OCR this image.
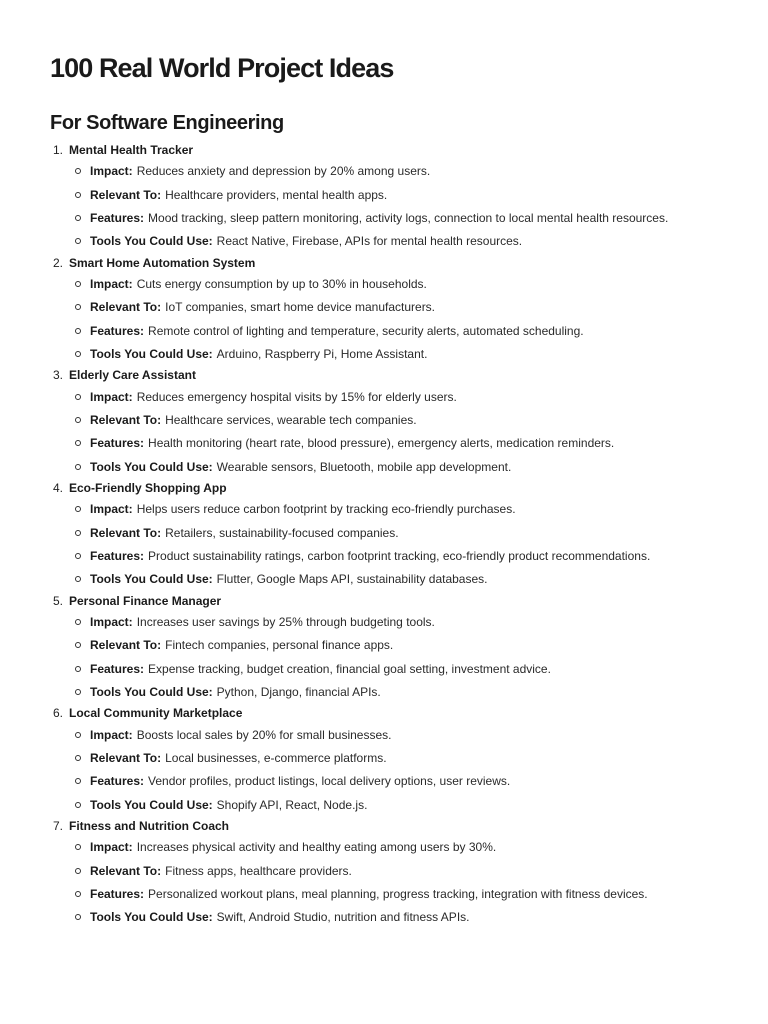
100 Real World Project Ideas
For Software Engineering
1. Mental Health Tracker
Impact: Reduces anxiety and depression by 20% among users.
Relevant To: Healthcare providers, mental health apps.
Features: Mood tracking, sleep pattern monitoring, activity logs, connection to local mental health resources.
Tools You Could Use: React Native, Firebase, APIs for mental health resources.
2. Smart Home Automation System
Impact: Cuts energy consumption by up to 30% in households.
Relevant To: IoT companies, smart home device manufacturers.
Features: Remote control of lighting and temperature, security alerts, automated scheduling.
Tools You Could Use: Arduino, Raspberry Pi, Home Assistant.
3. Elderly Care Assistant
Impact: Reduces emergency hospital visits by 15% for elderly users.
Relevant To: Healthcare services, wearable tech companies.
Features: Health monitoring (heart rate, blood pressure), emergency alerts, medication reminders.
Tools You Could Use: Wearable sensors, Bluetooth, mobile app development.
4. Eco-Friendly Shopping App
Impact: Helps users reduce carbon footprint by tracking eco-friendly purchases.
Relevant To: Retailers, sustainability-focused companies.
Features: Product sustainability ratings, carbon footprint tracking, eco-friendly product recommendations.
Tools You Could Use: Flutter, Google Maps API, sustainability databases.
5. Personal Finance Manager
Impact: Increases user savings by 25% through budgeting tools.
Relevant To: Fintech companies, personal finance apps.
Features: Expense tracking, budget creation, financial goal setting, investment advice.
Tools You Could Use: Python, Django, financial APIs.
6. Local Community Marketplace
Impact: Boosts local sales by 20% for small businesses.
Relevant To: Local businesses, e-commerce platforms.
Features: Vendor profiles, product listings, local delivery options, user reviews.
Tools You Could Use: Shopify API, React, Node.js.
7. Fitness and Nutrition Coach
Impact: Increases physical activity and healthy eating among users by 30%.
Relevant To: Fitness apps, healthcare providers.
Features: Personalized workout plans, meal planning, progress tracking, integration with fitness devices.
Tools You Could Use: Swift, Android Studio, nutrition and fitness APIs.
